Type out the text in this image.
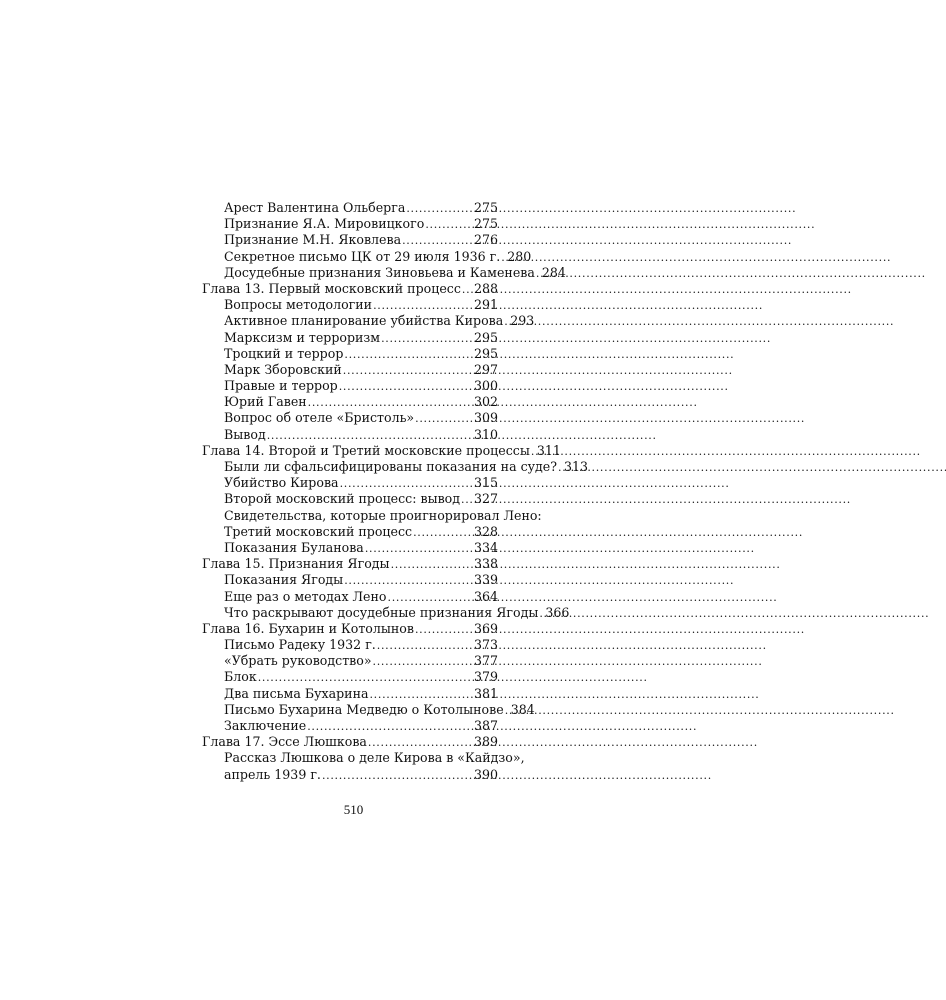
Арест Валентина Ольберга . . .	275
Признание Я.А. Мировицкого . . .	275
Признание М.Н. Яковлева . . .	276
Секретное письмо ЦК от 29 июля 1936 г. . . . 280
Досудебные признания Зиновьева и Каменева . . . 284
Глава 13. Первый московский процесс . . . 288
Вопросы методологии . . .	291
Активное планирование убийства Кирова . . . 293
Марксизм и терроризм . . .	295
Троцкий и террор . . .	295
Марк Зборовский . . .	297
Правые и террор . . .	300
Юрий Гавен . . .	302
Вопрос об отеле «Бристоль» . . .	309
Вывод . . .	310
Глава 14. Второй и Третий московские процессы . . . 311
Были ли сфальсифицированы показания на суде? . . . 313
Убийство Кирова . . .	315
Второй московский процесс: вывод . . . 327
Свидетельства, которые проигнорировал Лено:
Третий московский процесс . . .	328
Показания Буланова . . .	334
Глава 15. Признания Ягоды . . .	338
Показания Ягоды . . .	339
Еще раз о методах Лено . . .	364
Что раскрывают досудебные признания Ягоды . . . 366
Глава 16. Бухарин и Котолынов . . .	369
Письмо Радеку 1932 г. . . .	373
«Убрать руководство» . . .	377
Блок . . .	379
Два письма Бухарина . . .	381
Письмо Бухарина Медведю о Котолынове . . . 384
Заключение . . .	387
Глава 17. Эссе Люшкова . . .	389
Рассказ Люшкова о деле Кирова в «Кайдзо»,
апрель 1939 г. . . .	390
510
